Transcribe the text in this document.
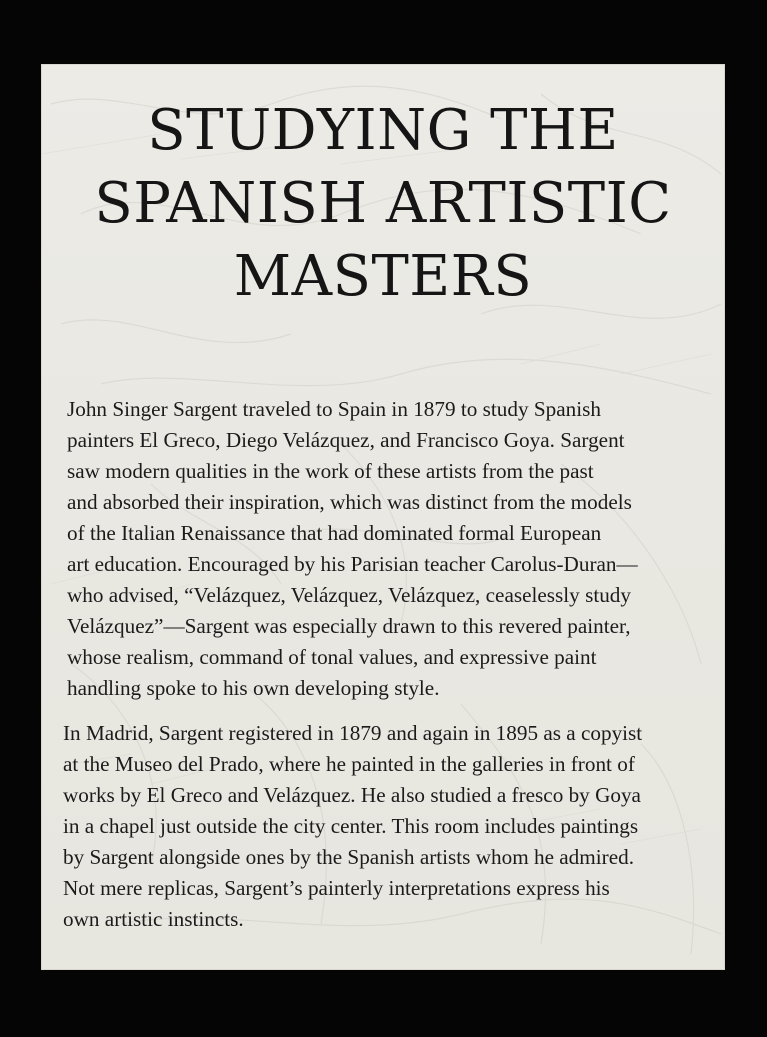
STUDYING THE
SPANISH ARTISTIC
MASTERS

John Singer Sargent traveled to Spain in 1879 to study Spanish
painters El Greco, Diego Velázquez, and Francisco Goya. Sargent
saw modern qualities in the work of these artists from the past
and absorbed their inspiration, which was distinct from the models
of the Italian Renaissance that had dominated formal European
art education. Encouraged by his Parisian teacher Carolus-Duran—
who advised, “Velázquez, Velázquez, Velázquez, ceaselessly study
Velázquez”—Sargent was especially drawn to this revered painter,
whose realism, command of tonal values, and expressive paint
handling spoke to his own developing style.

In Madrid, Sargent registered in 1879 and again in 1895 as a copyist
at the Museo del Prado, where he painted in the galleries in front of
works by El Greco and Velázquez. He also studied a fresco by Goya
in a chapel just outside the city center. This room includes paintings
by Sargent alongside ones by the Spanish artists whom he admired.
Not mere replicas, Sargent’s painterly interpretations express his
own artistic instincts.
